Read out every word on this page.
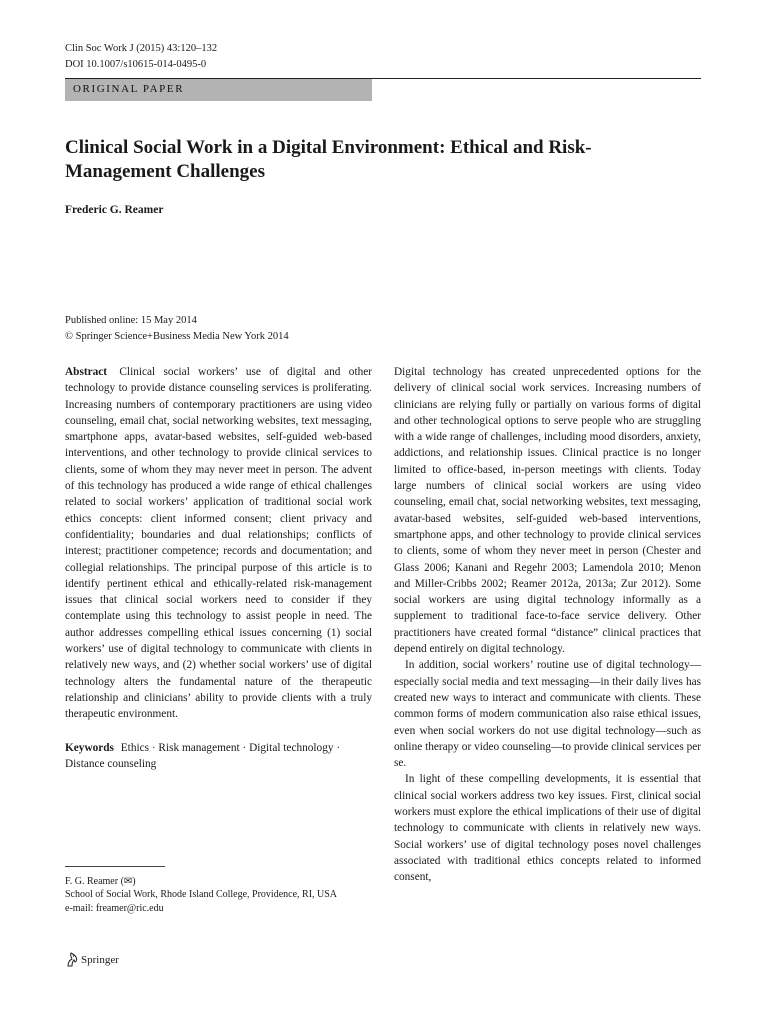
Clin Soc Work J (2015) 43:120–132
DOI 10.1007/s10615-014-0495-0
ORIGINAL PAPER
Clinical Social Work in a Digital Environment: Ethical and Risk-Management Challenges
Frederic G. Reamer
Published online: 15 May 2014
© Springer Science+Business Media New York 2014

Abstract Clinical social workers’ use of digital and other technology to provide distance counseling services is proliferating. Increasing numbers of contemporary practitioners are using video counseling, email chat, social networking websites, text messaging, smartphone apps, avatar-based websites, self-guided web-based interventions, and other technology to provide clinical services to clients, some of whom they may never meet in person. The advent of this technology has produced a wide range of ethical challenges related to social workers’ application of traditional social work ethics concepts: client informed consent; client privacy and confidentiality; boundaries and dual relationships; conflicts of interest; practitioner competence; records and documentation; and collegial relationships. The principal purpose of this article is to identify pertinent ethical and ethically-related risk-management issues that clinical social workers need to consider if they contemplate using this technology to assist people in need. The author addresses compelling ethical issues concerning (1) social workers’ use of digital technology to communicate with clients in relatively new ways, and (2) whether social workers’ use of digital technology alters the fundamental nature of the therapeutic relationship and clinicians’ ability to provide clients with a truly therapeutic environment.

Keywords Ethics · Risk management · Digital technology · Distance counseling

F. G. Reamer (✉)

School of Social Work, Rhode Island College, Providence, RI, USA

e-mail: freamer@ric.edu

Digital technology has created unprecedented options for the delivery of clinical social work services. Increasing numbers of clinicians are relying fully or partially on various forms of digital and other technological options to serve people who are struggling with a wide range of challenges, including mood disorders, anxiety, addictions, and relationship issues. Clinical practice is no longer limited to office-based, in-person meetings with clients. Today large numbers of clinical social workers are using video counseling, email chat, social networking websites, text messaging, avatar-based websites, self-guided web-based interventions, smartphone apps, and other technology to provide clinical services to clients, some of whom they never meet in person (Chester and Glass 2006; Kanani and Regehr 2003; Lamendola 2010; Menon and Miller-Cribbs 2002; Reamer 2012a, 2013a; Zur 2012). Some social workers are using digital technology informally as a supplement to traditional face-to-face service delivery. Other practitioners have created formal “distance” clinical practices that depend entirely on digital technology.

In addition, social workers’ routine use of digital technology—especially social media and text messaging—in their daily lives has created new ways to interact and communicate with clients. These common forms of modern communication also raise ethical issues, even when social workers do not use digital technology—such as online therapy or video counseling—to provide clinical services per se.

In light of these compelling developments, it is essential that clinical social workers address two key issues. First, clinical social workers must explore the ethical implications of their use of digital technology to communicate with clients in relatively new ways. Social workers’ use of digital technology poses novel challenges associated with traditional ethics concepts related to informed consent,

Springer
